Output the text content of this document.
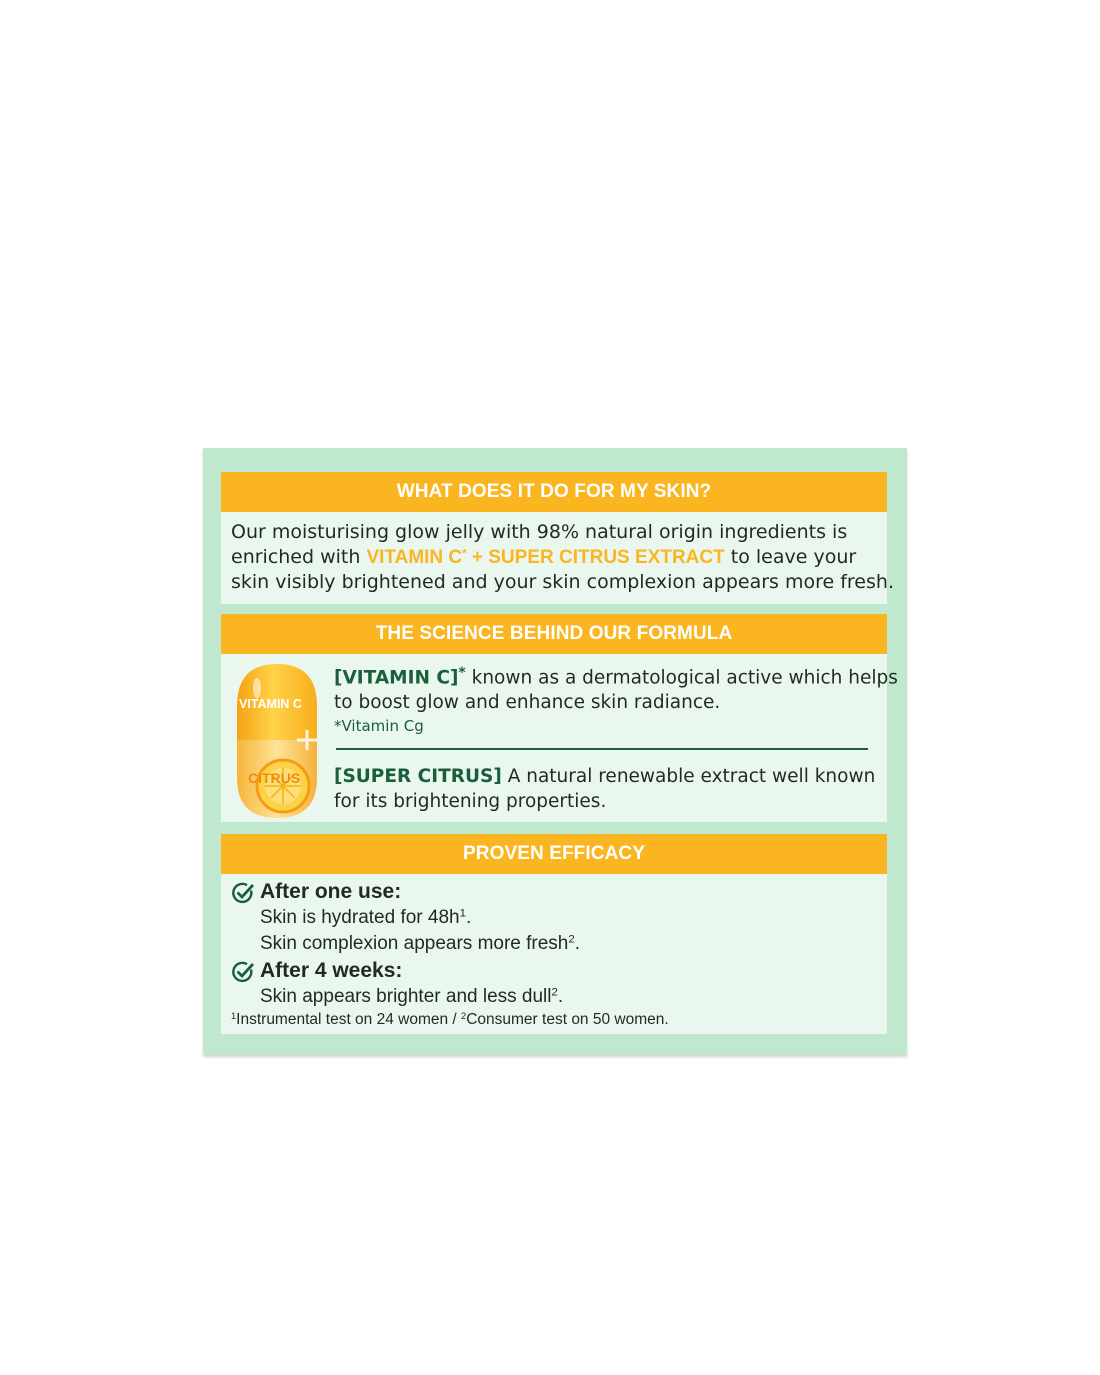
WHAT DOES IT DO FOR MY SKIN?
Our moisturising glow jelly with 98% natural origin ingredients is
enriched with VITAMIN C* + SUPER CITRUS EXTRACT to leave your
skin visibly brightened and your skin complexion appears more fresh.
THE SCIENCE BEHIND OUR FORMULA
VITAMIN C
CITRUS
[VITAMIN C]* known as a dermatological active which helps
to boost glow and enhance skin radiance.
*Vitamin Cg
[SUPER CITRUS] A natural renewable extract well known
for its brightening properties.
PROVEN EFFICACY
After one use:
Skin is hydrated for $48h^1$.
Skin complexion appears more fresh$^2$.
After 4 weeks:
Skin appears brighter and less dull$^2$.
$^1$Instrumental test on 24 women / $^2$Consumer test on 50 women.
